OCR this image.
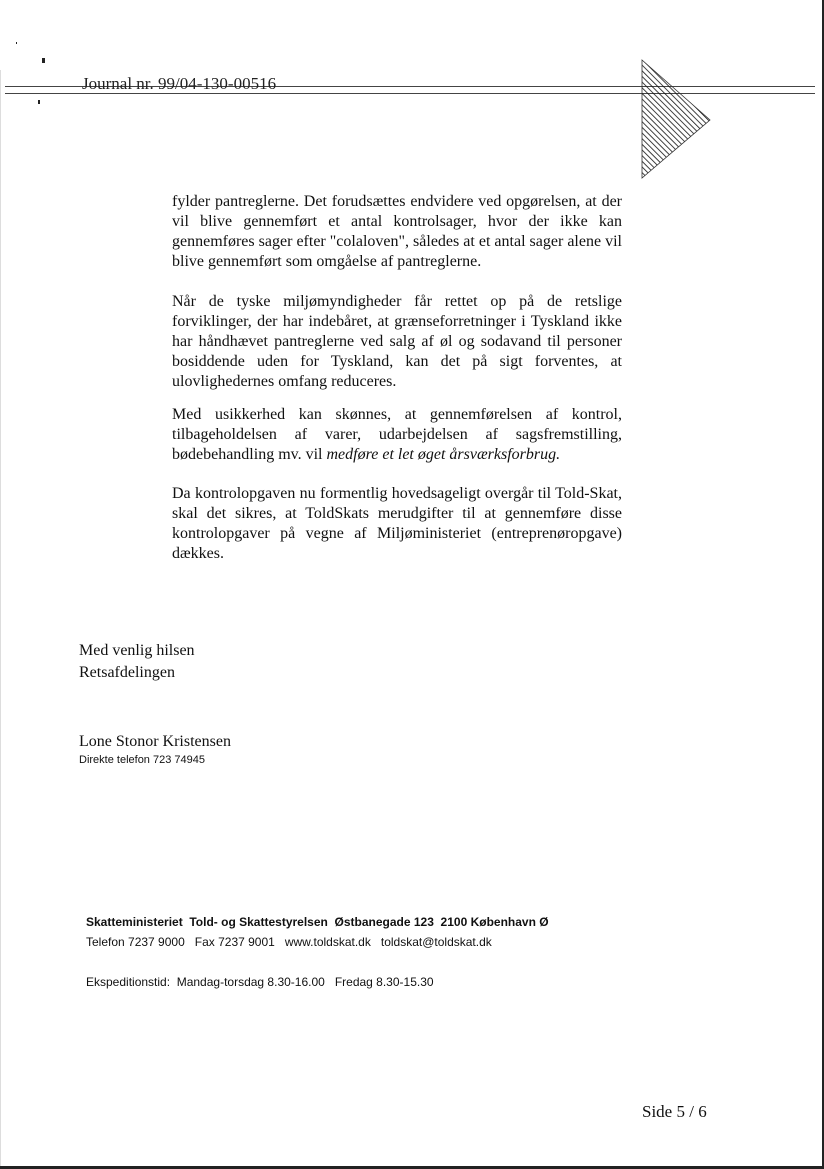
Journal nr. 99/04-130-00516
fylder pantreglerne. Det forudsættes endvidere ved opgørelsen, at der vil blive gennemført et antal kontrolsager, hvor der ikke kan gennemføres sager efter "colaloven", således at et antal sager alene vil blive gennemført som omgåelse af pantreglerne.
Når de tyske miljømyndigheder får rettet op på de retslige forviklinger, der har indebåret, at grænseforretninger i Tyskland ikke har håndhævet pantreglerne ved salg af øl og sodavand til personer bosiddende uden for Tyskland, kan det på sigt forventes, at ulovlighedernes omfang reduceres.
Med usikkerhed kan skønnes, at gennemførelsen af kontrol, tilbageholdelsen af varer, udarbejdelsen af sagsfremstilling, bødebehandling mv. vil medføre et let øget årsværksforbrug.
Da kontrolopgaven nu formentlig hovedsageligt overgår til Told-Skat, skal det sikres, at ToldSkats merudgifter til at gennemføre disse kontrolopgaver på vegne af Miljøministeriet (entreprenøropgave) dækkes.
Med venlig hilsen
Retsafdelingen
Lone Stonor Kristensen
Direkte telefon 723 74945
Skatteministeriet  Told- og Skattestyrelsen  Østbanegade 123  2100 København Ø
Telefon 7237 9000   Fax 7237 9001   www.toldskat.dk   toldskat@toldskat.dk
Ekspeditionstid:  Mandag-torsdag 8.30-16.00   Fredag 8.30-15.30
Side 5 / 6
